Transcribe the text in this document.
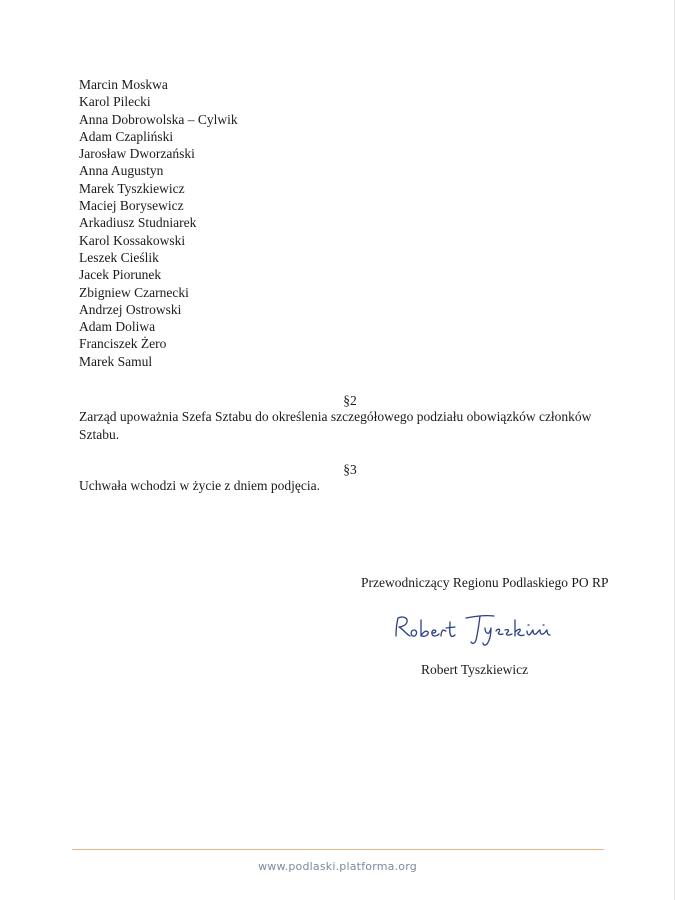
Marcin Moskwa
Karol Pilecki
Anna Dobrowolska – Cylwik
Adam Czapliński
Jarosław Dworzański
Anna Augustyn
Marek Tyszkiewicz
Maciej Borysewicz
Arkadiusz Studniarek
Karol Kossakowski
Leszek Cieślik
Jacek Piorunek
Zbigniew Czarnecki
Andrzej Ostrowski
Adam Doliwa
Franciszek Żero
Marek Samul
§2
Zarząd upoważnia Szefa Sztabu do określenia szczegółowego podziału obowiązków członków Sztabu.
§3
Uchwała wchodzi w życie z dniem podjęcia.
Przewodniczący Regionu Podlaskiego PO RP
Robert Tyszkiewicz
www.podlaski.platforma.org
